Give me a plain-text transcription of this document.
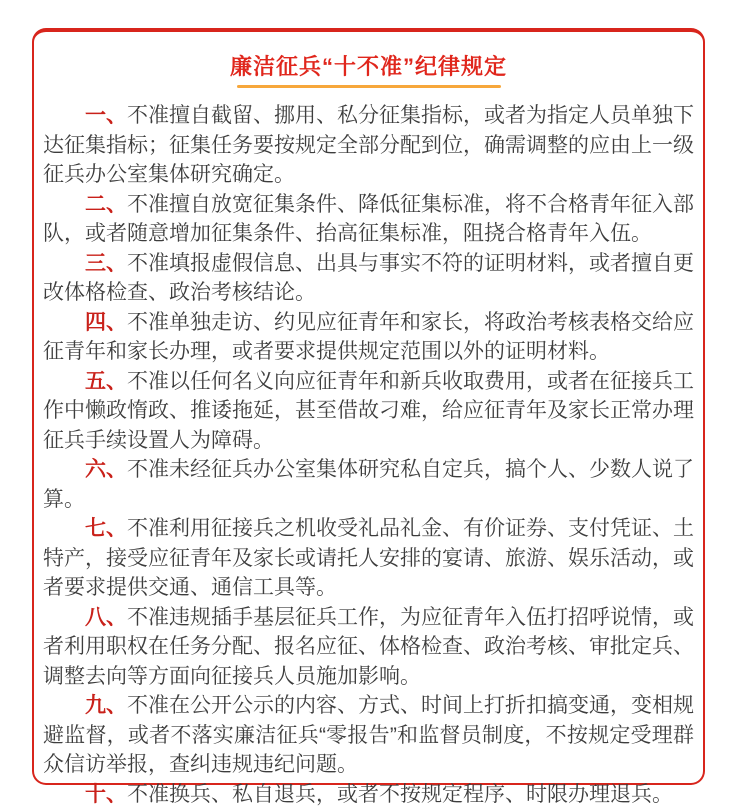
廉洁征兵“十不准”纪律规定

一、不准擅自截留、挪用、私分征集指标，或者为指定人员单独下达征集指标；征集任务要按规定全部分配到位，确需调整的应由上一级征兵办公室集体研究确定。

二、不准擅自放宽征集条件、降低征集标准，将不合格青年征入部队，或者随意增加征集条件、抬高征集标准，阻挠合格青年入伍。

三、不准填报虚假信息、出具与事实不符的证明材料，或者擅自更改体格检查、政治考核结论。

四、不准单独走访、约见应征青年和家长，将政治考核表格交给应征青年和家长办理，或者要求提供规定范围以外的证明材料。

五、不准以任何名义向应征青年和新兵收取费用，或者在征接兵工作中懒政惰政、推诿拖延，甚至借故刁难，给应征青年及家长正常办理征兵手续设置人为障碍。

六、不准未经征兵办公室集体研究私自定兵，搞个人、少数人说了算。

七、不准利用征接兵之机收受礼品礼金、有价证券、支付凭证、土特产，接受应征青年及家长或请托人安排的宴请、旅游、娱乐活动，或者要求提供交通、通信工具等。

八、不准违规插手基层征兵工作，为应征青年入伍打招呼说情，或者利用职权在任务分配、报名应征、体格检查、政治考核、审批定兵、调整去向等方面向征接兵人员施加影响。

九、不准在公开公示的内容、方式、时间上打折扣搞变通，变相规避监督，或者不落实廉洁征兵“零报告”和监督员制度，不按规定受理群众信访举报，查纠违规违纪问题。

十、不准换兵、私自退兵，或者不按规定程序、时限办理退兵。
